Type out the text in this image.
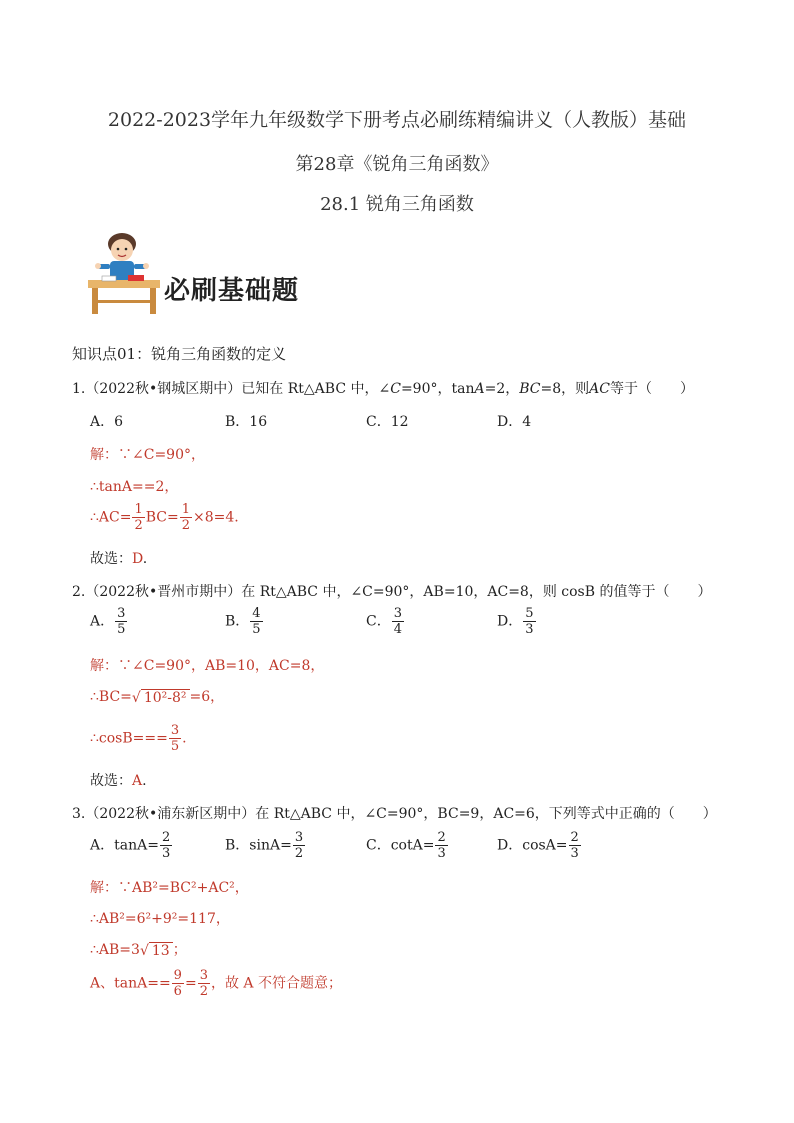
2022-2023学年九年级数学下册考点必刷练精编讲义（人教版）基础
第28章《锐角三角函数》
28.1 锐角三角函数
必刷基础题
知识点01：锐角三角函数的定义
1.（2022秋•钢城区期中）已知在 Rt△ABC 中，∠C=90°，tanA=2，BC=8，则AC等于（　　）
A．6	B．16	C．12	D．4
解：∵∠C=90°，
∴tanA==2，
∴AC= $\frac{1}{2} BC= \frac{1}{2} \times 8=4$.
故选：D.
2.（2022秋•晋州市期中）在 Rt△ABC 中，∠C=90°，AB=10，AC=8，则 cosB 的值等于（　　）
A． $\frac{3}{5}$	B． $\frac{4}{5}$	C． $\frac{3}{4}$	D． $\frac{5}{3}$
解：∵∠C=90°，AB=10，AC=8，
∴BC=√ 10²-8² =6，
∴cosB=== $\frac{3}{5}$ .
故选：A.
3.（2022秋•浦东新区期中）在 Rt△ABC 中，∠C=90°，BC=9，AC=6，下列等式中正确的（　　）
A．$\tan A= \frac{2}{3}$	B．$\sin A= \frac{3}{2}$	C．$\cot A= \frac{2}{3}$	D．$\cos A= \frac{2}{3}$
解：∵AB²=BC²+AC²，
∴AB²=6²+9²=117，
∴AB=3√ 13 ；
A、$\tan A== \frac{9}{6} = \frac{3}{2}$ ，故 A 不符合题意；
